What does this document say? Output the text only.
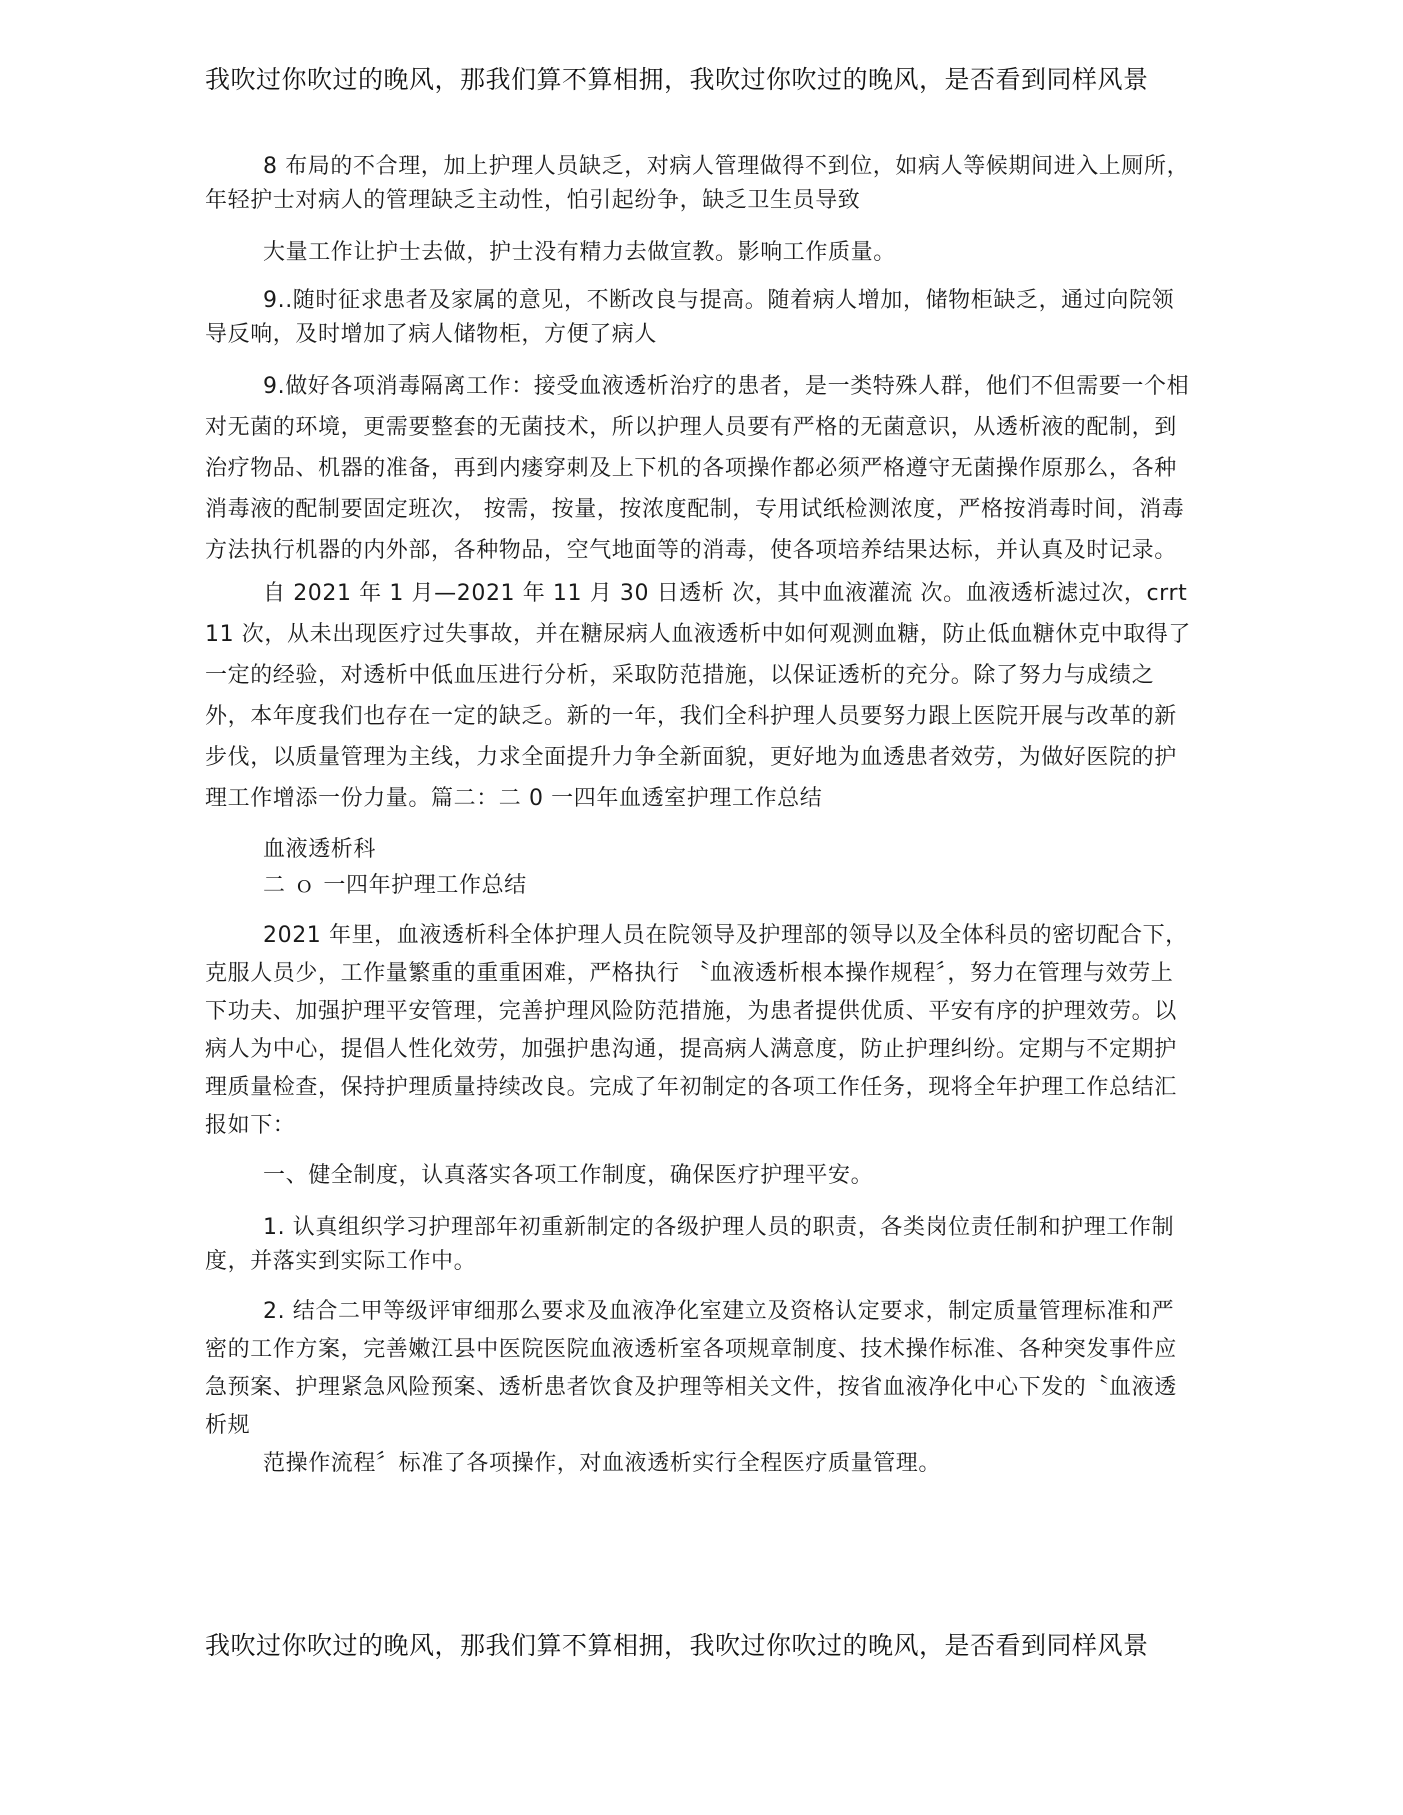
我吹过你吹过的晚风，那我们算不算相拥，我吹过你吹过的晚风，是否看到同样风景

8 布局的不合理，加上护理人员缺乏，对病人管理做得不到位，如病人等候期间进入上厕所，年轻护士对病人的管理缺乏主动性，怕引起纷争，缺乏卫生员导致

大量工作让护士去做，护士没有精力去做宣教。影响工作质量。

9..随时征求患者及家属的意见，不断改良与提高。随着病人增加，储物柜缺乏，通过向院领导反响，及时增加了病人储物柜，方便了病人

9.做好各项消毒隔离工作：接受血液透析治疗的患者，是一类特殊人群，他们不但需要一个相对无菌的环境，更需要整套的无菌技术，所以护理人员要有严格的无菌意识，从透析液的配制，到治疗物品、机器的准备，再到内瘘穿刺及上下机的各项操作都必须严格遵守无菌操作原那么，各种消毒液的配制要固定班次， 按需，按量，按浓度配制，专用试纸检测浓度，严格按消毒时间，消毒方法执行机器的内外部，各种物品，空气地面等的消毒，使各项培养结果达标，并认真及时记录。

自 2021 年 1 月—2021 年 11 月 30 日透析 次，其中血液灌流 次。血液透析滤过次，crrt 11 次，从未出现医疗过失事故，并在糖尿病人血液透析中如何观测血糖，防止低血糖休克中取得了一定的经验，对透析中低血压进行分析，采取防范措施，以保证透析的充分。除了努力与成绩之外，本年度我们也存在一定的缺乏。新的一年，我们全科护理人员要努力跟上医院开展与改革的新步伐，以质量管理为主线，力求全面提升力争全新面貌，更好地为血透患者效劳，为做好医院的护理工作增添一份力量。篇二：二 0 一四年血透室护理工作总结

血液透析科

二 ｏ 一四年护理工作总结

2021 年里，血液透析科全体护理人员在院领导及护理部的领导以及全体科员的密切配合下，克服人员少，工作量繁重的重重困难，严格执行 〝血液透析根本操作规程〞，努力在管理与效劳上下功夫、加强护理平安管理，完善护理风险防范措施，为患者提供优质、平安有序的护理效劳。以病人为中心，提倡人性化效劳，加强护患沟通，提高病人满意度，防止护理纠纷。定期与不定期护理质量检查，保持护理质量持续改良。完成了年初制定的各项工作任务，现将全年护理工作总结汇报如下：

一、健全制度，认真落实各项工作制度，确保医疗护理平安。

1. 认真组织学习护理部年初重新制定的各级护理人员的职责，各类岗位责任制和护理工作制度，并落实到实际工作中。

2. 结合二甲等级评审细那么要求及血液净化室建立及资格认定要求，制定质量管理标准和严密的工作方案，完善嫩江县中医院医院血液透析室各项规章制度、技术操作标准、各种突发事件应急预案、护理紧急风险预案、透析患者饮食及护理等相关文件，按省血液净化中心下发的〝血液透析规

范操作流程〞标准了各项操作，对血液透析实行全程医疗质量管理。

我吹过你吹过的晚风，那我们算不算相拥，我吹过你吹过的晚风，是否看到同样风景
